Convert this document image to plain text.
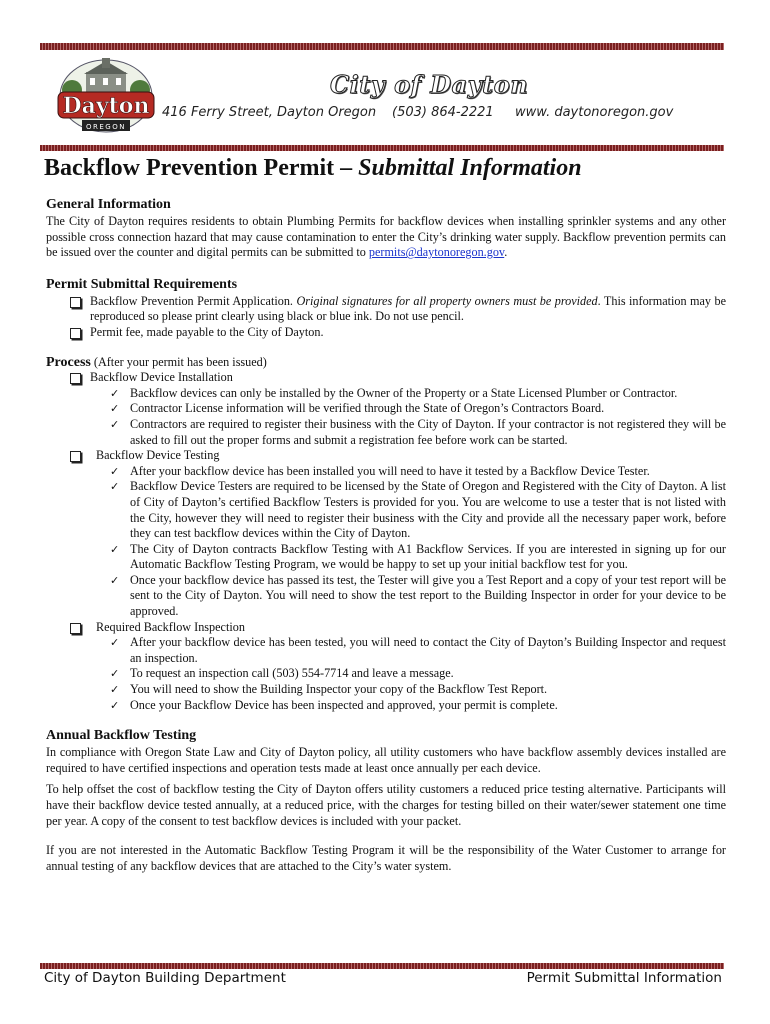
Dayton
OREGON
City of Dayton
416 Ferry Street, Dayton Oregon (503) 864-2221 www. daytonoregon.gov
Backflow Prevention Permit – Submittal Information

General Information

The City of Dayton requires residents to obtain Plumbing Permits for backflow devices when installing sprinkler systems and any other possible cross connection hazard that may cause contamination to enter the City’s drinking water supply. Backflow prevention permits can be issued over the counter and digital permits can be submitted to permits@daytonoregon.gov.

Permit Submittal Requirements

Backflow Prevention Permit Application. Original signatures for all property owners must be provided. This information may be reproduced so please print clearly using black or blue ink. Do not use pencil.

Permit fee, made payable to the City of Dayton.

Process (After your permit has been issued)

Backflow Device Installation

✓ Backflow devices can only be installed by the Owner of the Property or a State Licensed Plumber or Contractor.

✓ Contractor License information will be verified through the State of Oregon’s Contractors Board.

✓ Contractors are required to register their business with the City of Dayton. If your contractor is not registered they will be asked to fill out the proper forms and submit a registration fee before work can be started.

Backflow Device Testing

✓ After your backflow device has been installed you will need to have it tested by a Backflow Device Tester.

✓ Backflow Device Testers are required to be licensed by the State of Oregon and Registered with the City of Dayton. A list of City of Dayton’s certified Backflow Testers is provided for you. You are welcome to use a tester that is not listed with the City, however they will need to register their business with the City and provide all the necessary paper work, before they can test backflow devices within the City of Dayton.

✓ The City of Dayton contracts Backflow Testing with A1 Backflow Services. If you are interested in signing up for our Automatic Backflow Testing Program, we would be happy to set up your initial backflow test for you.

✓ Once your backflow device has passed its test, the Tester will give you a Test Report and a copy of your test report will be sent to the City of Dayton. You will need to show the test report to the Building Inspector in order for your device to be approved.

Required Backflow Inspection

✓ After your backflow device has been tested, you will need to contact the City of Dayton’s Building Inspector and request an inspection.

✓ To request an inspection call (503) 554-7714 and leave a message.

✓ You will need to show the Building Inspector your copy of the Backflow Test Report.

✓ Once your Backflow Device has been inspected and approved, your permit is complete.

Annual Backflow Testing

In compliance with Oregon State Law and City of Dayton policy, all utility customers who have backflow assembly devices installed are required to have certified inspections and operation tests made at least once annually per each device.

To help offset the cost of backflow testing the City of Dayton offers utility customers a reduced price testing alternative. Participants will have their backflow device tested annually, at a reduced price, with the charges for testing billed on their water/sewer statement one time per year. A copy of the consent to test backflow devices is included with your packet.

If you are not interested in the Automatic Backflow Testing Program it will be the responsibility of the Water Customer to arrange for annual testing of any backflow devices that are attached to the City’s water system.

City of Dayton Building Department	Permit Submittal Information
